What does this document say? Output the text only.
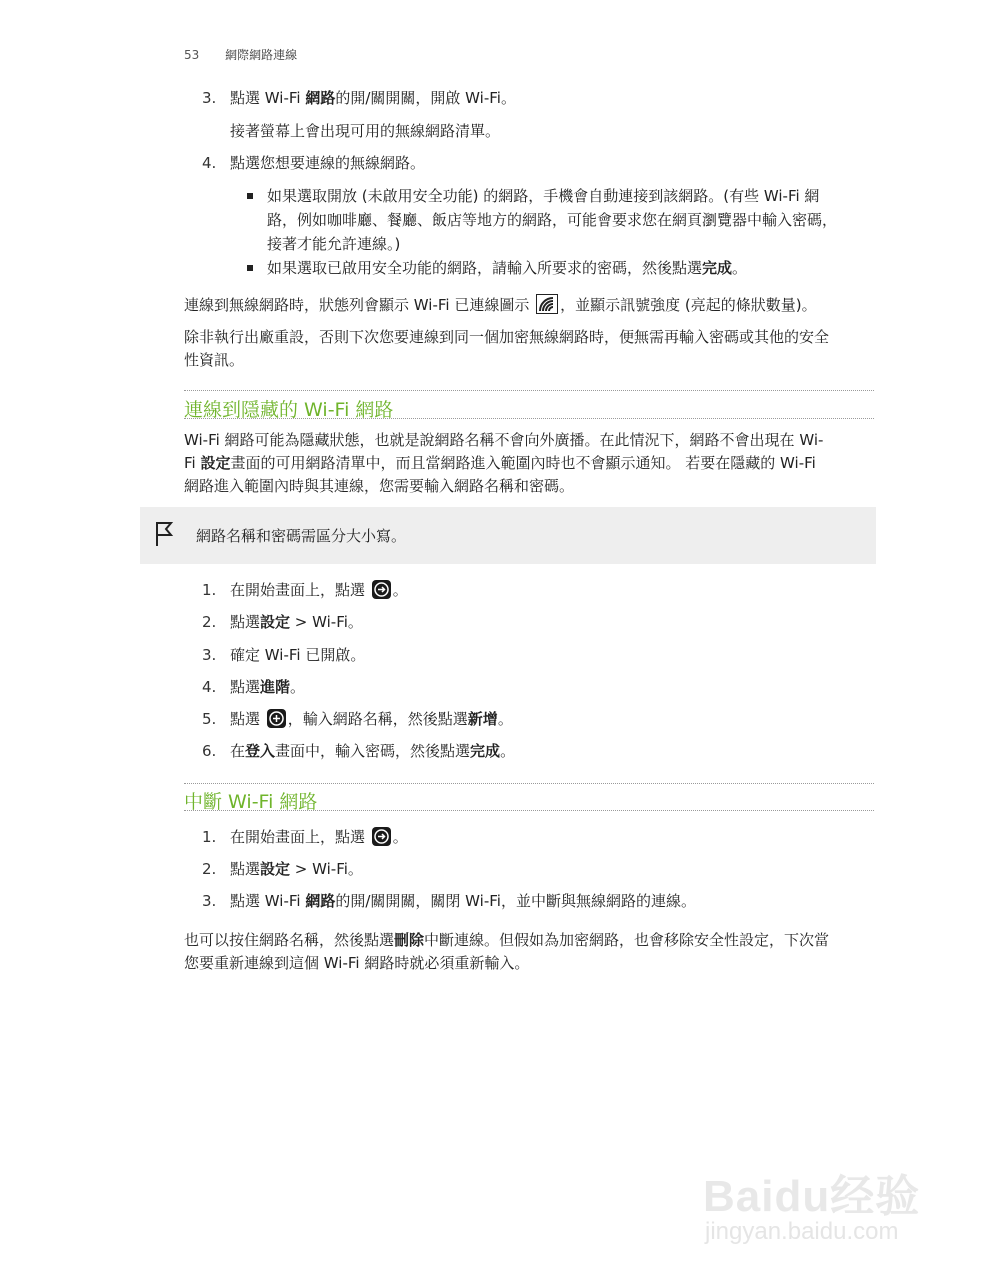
53 網際網路連線
3. 點選 Wi-Fi 網路的開/關開關，開啟 Wi-Fi。
接著螢幕上會出現可用的無線網路清單。
4. 點選您想要連線的無線網路。
如果選取開放 (未啟用安全功能) 的網路，手機會自動連接到該網路。(有些 Wi-Fi 網
路，例如咖啡廳、餐廳、飯店等地方的網路，可能會要求您在網頁瀏覽器中輸入密碼，
接著才能允許連線。)
如果選取已啟用安全功能的網路，請輸入所要求的密碼，然後點選完成。
連線到無線網路時，狀態列會顯示 Wi-Fi 已連線圖示 ，並顯示訊號強度 (亮起的條狀數量)。
除非執行出廠重設，否則下次您要連線到同一個加密無線網路時，便無需再輸入密碼或其他的安全
性資訊。
連線到隱藏的 Wi-Fi 網路
Wi-Fi 網路可能為隱藏狀態，也就是說網路名稱不會向外廣播。在此情況下，網路不會出現在 Wi-
Fi 設定畫面的可用網路清單中，而且當網路進入範圍內時也不會顯示通知。 若要在隱藏的 Wi-Fi
網路進入範圍內時與其連線，您需要輸入網路名稱和密碼。
網路名稱和密碼需區分大小寫。
1. 在開始畫面上，點選
。
2. 點選設定 > Wi-Fi。
3. 確定 Wi-Fi 已開啟。
4. 點選進階。
5. 點選
，輸入網路名稱，然後點選新增。
6. 在登入畫面中，輸入密碼，然後點選完成。
中斷 Wi-Fi 網路
1. 在開始畫面上，點選
。
2. 點選設定 > Wi-Fi。
3. 點選 Wi-Fi 網路的開/關開關，關閉 Wi-Fi，並中斷與無線網路的連線。
也可以按住網路名稱，然後點選刪除中斷連線。但假如為加密網路，也會移除安全性設定，下次當
您要重新連線到這個 Wi-Fi 網路時就必須重新輸入。
Baidu经验
jingyan.baidu.com
